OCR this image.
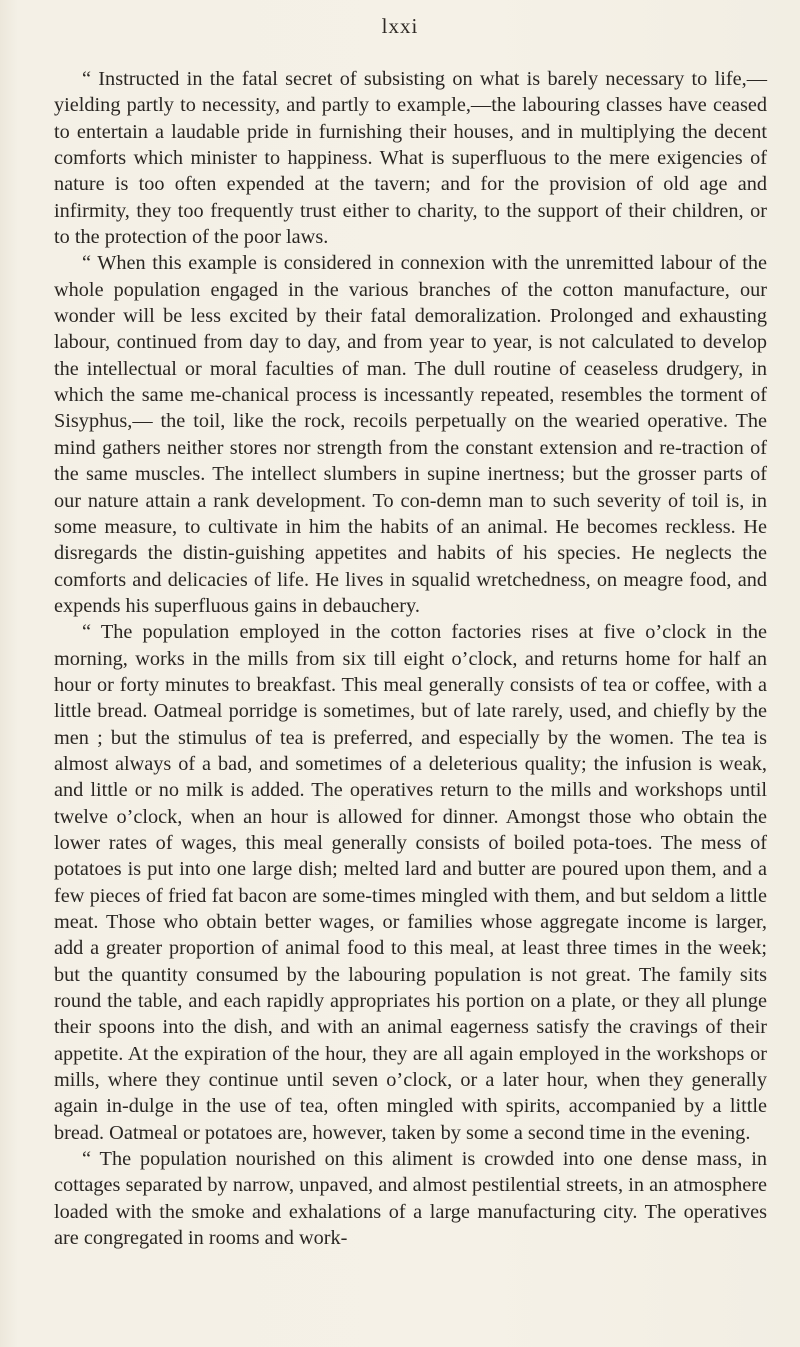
lxxi

“ Instructed in the fatal secret of subsisting on what is barely necessary to life,—yielding partly to necessity, and partly to example,—the labouring classes have ceased to entertain a laudable pride in furnishing their houses, and in multiplying the decent comforts which minister to happiness. What is superfluous to the mere exigencies of nature is too often expended at the tavern; and for the provision of old age and infirmity, they too frequently trust either to charity, to the support of their children, or to the protection of the poor laws.

“ When this example is considered in connexion with the unremitted labour of the whole population engaged in the various branches of the cotton manufacture, our wonder will be less excited by their fatal demoralization. Prolonged and exhausting labour, continued from day to day, and from year to year, is not calculated to develop the intellectual or moral faculties of man. The dull routine of ceaseless drudgery, in which the same me-chanical process is incessantly repeated, resembles the torment of Sisyphus,— the toil, like the rock, recoils perpetually on the wearied operative. The mind gathers neither stores nor strength from the constant extension and re-traction of the same muscles. The intellect slumbers in supine inertness; but the grosser parts of our nature attain a rank development. To con-demn man to such severity of toil is, in some measure, to cultivate in him the habits of an animal. He becomes reckless. He disregards the distin-guishing appetites and habits of his species. He neglects the comforts and delicacies of life. He lives in squalid wretchedness, on meagre food, and expends his superfluous gains in debauchery.

“ The population employed in the cotton factories rises at five o’clock in the morning, works in the mills from six till eight o’clock, and returns home for half an hour or forty minutes to breakfast. This meal generally consists of tea or coffee, with a little bread. Oatmeal porridge is sometimes, but of late rarely, used, and chiefly by the men ; but the stimulus of tea is preferred, and especially by the women. The tea is almost always of a bad, and sometimes of a deleterious quality; the infusion is weak, and little or no milk is added. The operatives return to the mills and workshops until twelve o’clock, when an hour is allowed for dinner. Amongst those who obtain the lower rates of wages, this meal generally consists of boiled pota-toes. The mess of potatoes is put into one large dish; melted lard and butter are poured upon them, and a few pieces of fried fat bacon are some-times mingled with them, and but seldom a little meat. Those who obtain better wages, or families whose aggregate income is larger, add a greater proportion of animal food to this meal, at least three times in the week; but the quantity consumed by the labouring population is not great. The family sits round the table, and each rapidly appropriates his portion on a plate, or they all plunge their spoons into the dish, and with an animal eagerness satisfy the cravings of their appetite. At the expiration of the hour, they are all again employed in the workshops or mills, where they continue until seven o’clock, or a later hour, when they generally again in-dulge in the use of tea, often mingled with spirits, accompanied by a little bread. Oatmeal or potatoes are, however, taken by some a second time in the evening.

“ The population nourished on this aliment is crowded into one dense mass, in cottages separated by narrow, unpaved, and almost pestilential streets, in an atmosphere loaded with the smoke and exhalations of a large manufacturing city. The operatives are congregated in rooms and work-
